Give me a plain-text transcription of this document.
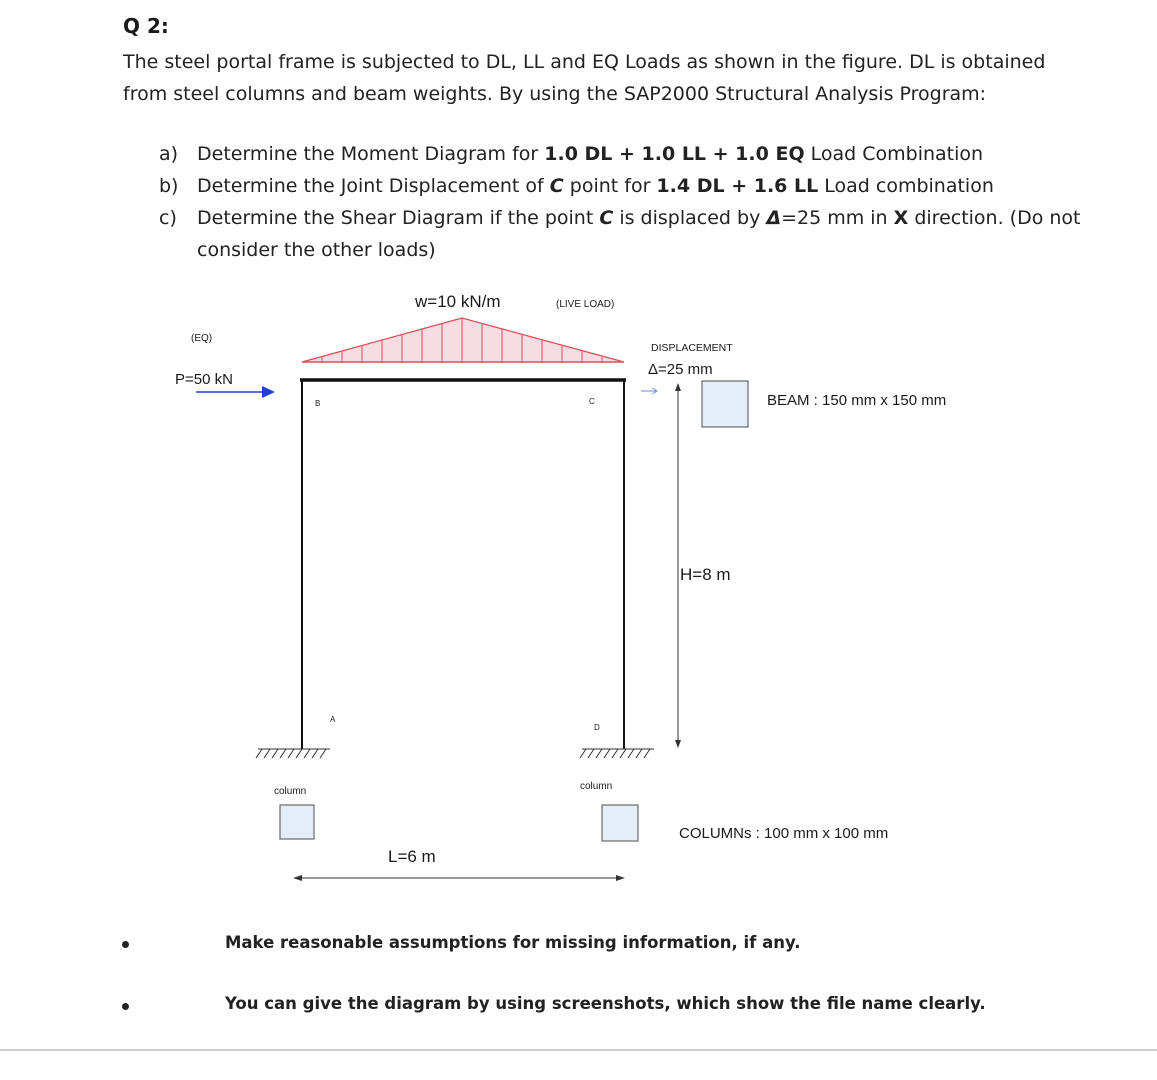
Q 2:
The steel portal frame is subjected to DL, LL and EQ Loads as shown in the figure. DL is obtained from steel columns and beam weights. By using the SAP2000 Structural Analysis Program:
a) Determine the Moment Diagram for 1.0 DL + 1.0 LL + 1.0 EQ Load Combination
b) Determine the Joint Displacement of C point for 1.4 DL + 1.6 LL Load combination
c) Determine the Shear Diagram if the point C is displaced by Δ=25 mm in X direction. (Do not
consider the other loads)
w=10 kN/m	(LIVE LOAD)
(EQ)
P=50 kN
B	C
A
D
DISPLACEMENT
Δ=25 mm
H=8 m
BEAM : 150 mm x 150 mm
column	column
COLUMNs : 100 mm x 100 mm
L=6 m
Make reasonable assumptions for missing information, if any.
You can give the diagram by using screenshots, which show the file name clearly.
